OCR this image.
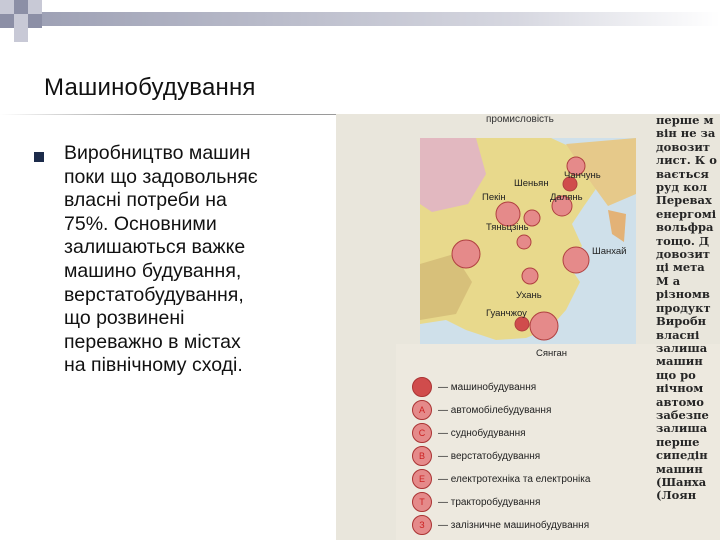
Машинобудування
Виробництво машин
поки що задовольняє
власні потреби на
75%. Основними
залишаються важке
машино будування,
верстатобудування,
що розвинені
переважно в містах
на північному сході.
промисловість
Чанчунь
Шеньян
Пекін	Далянь
Тяньцзінь
Шанхай
Ухань
Гуанчжоу
Сянган
перше м
він не за
довозит
лист. К о
вається
руд кол
Перевах
енергомі
вольфра
тощо. Д
довозит
ці мета
М а
різномв
продукт
Виробн
власні
залиша
машин
що ро
нічном
автомо
забезпе
залиша
перше
сипедін
машин
(Шанха
(Лоян
— машинобудування
А	— автомобілебудування
С	— суднобудування
В	— верстатобудування
Е	— електротехніка та електроніка
Т	— тракторобудування
З	— залізничне машинобудування
